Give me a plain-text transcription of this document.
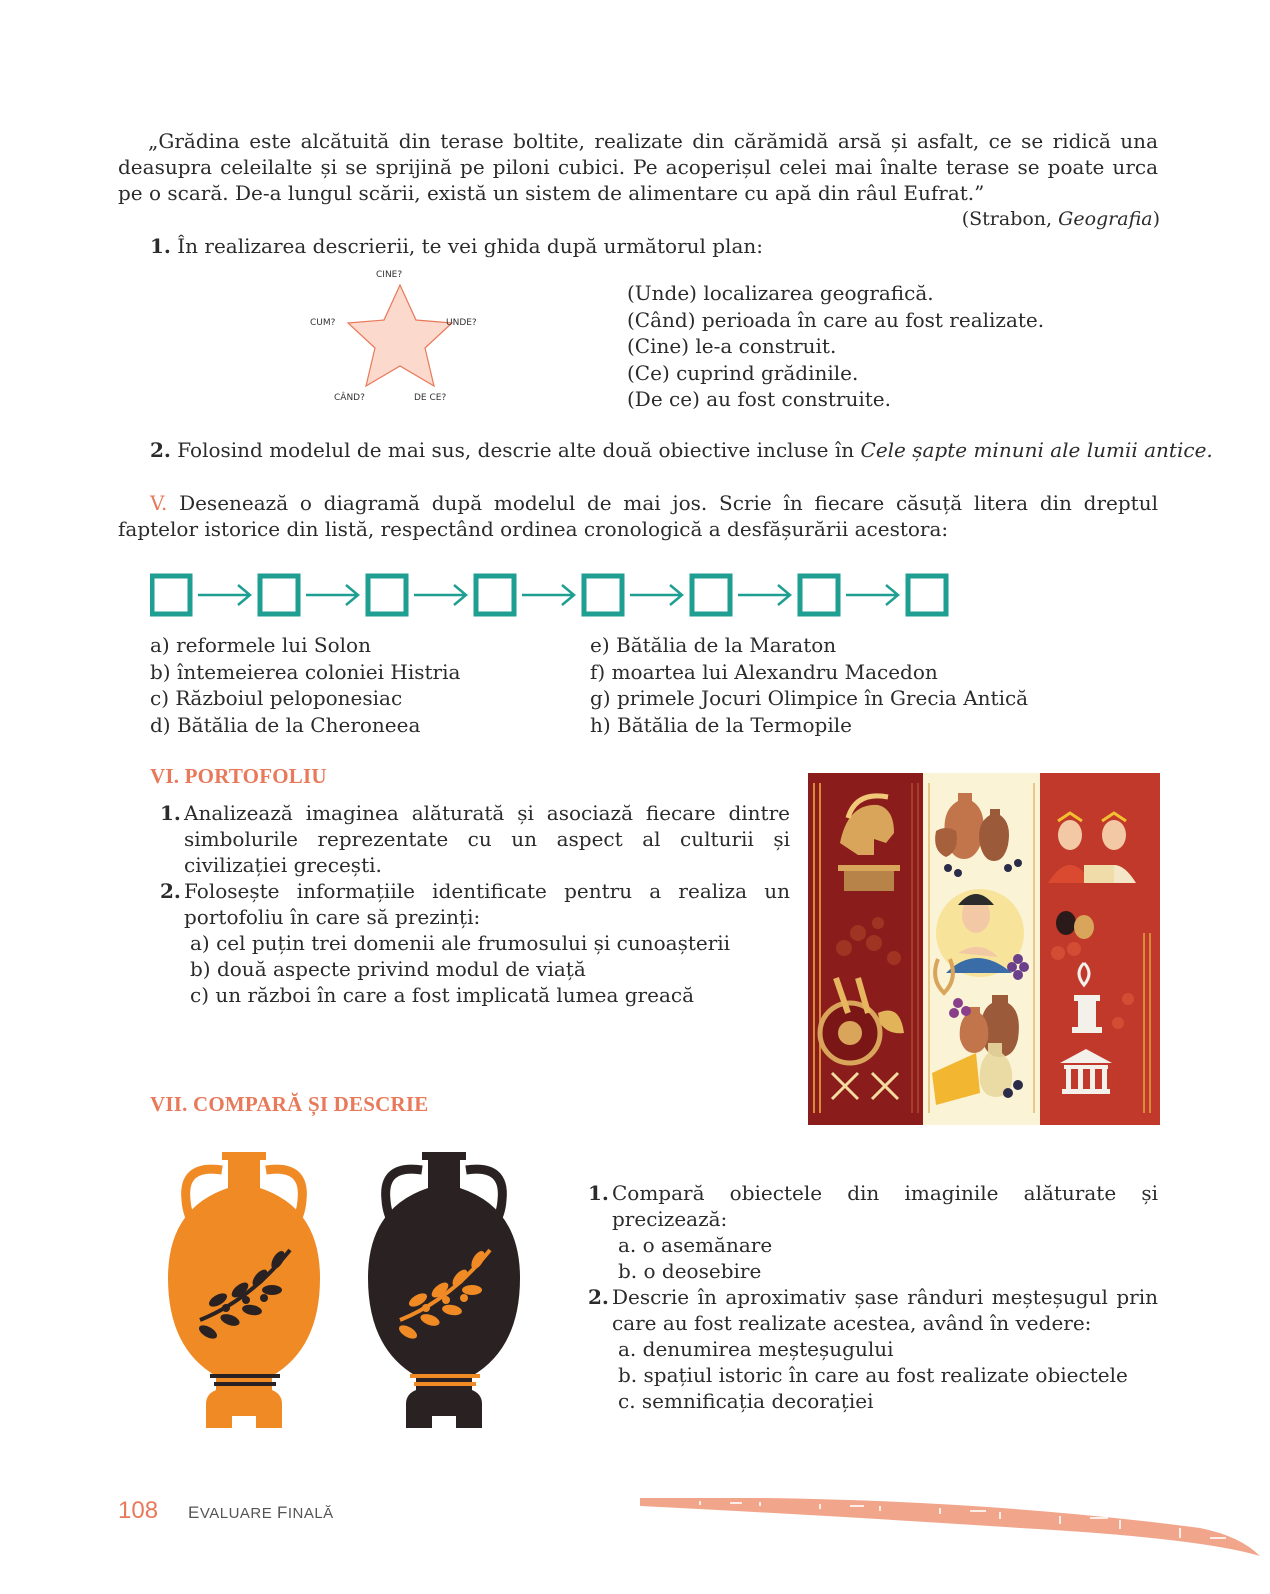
„Grădina este alcătuită din terase boltite, realizate din cărămidă arsă și asfalt, ce se ridică una deasupra celeilalte și se sprijină pe piloni cubici. Pe acoperișul celei mai înalte terase se poate urca pe o scară. De-a lungul scării, există un sistem de alimentare cu apă din râul Eufrat.”

(Strabon, Geografia)
1. În realizarea descrierii, te vei ghida după următorul plan:
CINE?
CUM?	UNDE?
CÂND?	DE CE?
(Unde) localizarea geografică.
(Când) perioada în care au fost realizate.
(Cine) le-a construit.
(Ce) cuprind grădinile.
(De ce) au fost construite.
2. Folosind modelul de mai sus, descrie alte două obiective incluse în Cele șapte minuni ale lumii antice.

V. Desenează o diagramă după modelul de mai jos. Scrie în fiecare căsuță litera din dreptul faptelor istorice din listă, respectând ordinea cronologică a desfășurării acestora:

a) reformele lui Solon
b) întemeierea coloniei Histria
c) Războiul peloponesiac
d) Bătălia de la Cheroneea
e) Bătălia de la Maraton
f) moartea lui Alexandru Macedon
g) primele Jocuri Olimpice în Grecia Antică
h) Bătălia de la Termopile
VI. PORTOFOLIU
1. Analizează imaginea alăturată și asociază fiecare dintre simbolurile reprezentate cu un aspect al culturii și civilizației grecești.
2. Folosește informațiile identificate pentru a realiza un portofoliu în care să prezinți:
a) cel puțin trei domenii ale frumosului și cunoașterii
b) două aspecte privind modul de viață
c) un război în care a fost implicată lumea greacă
VII. COMPARĂ ȘI DESCRIE
1. Compară obiectele din imaginile alăturate și precizează:
a. o asemănare
b. o deosebire
2. Descrie în aproximativ șase rânduri meșteșugul prin care au fost realizate acestea, având în vedere:
a. denumirea meșteșugului
b. spațiul istoric în care au fost realizate obiectele
c. semnificația decorației
108 EVALUARE FINALĂ
